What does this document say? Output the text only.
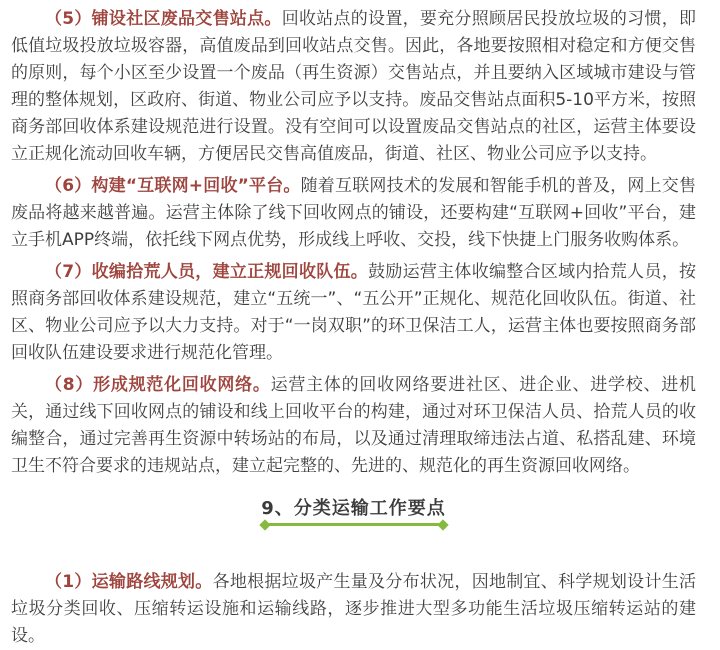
（5）铺设社区废品交售站点。回收站点的设置，要充分照顾居民投放垃圾的习惯，即低值垃圾投放垃圾容器，高值废品到回收站点交售。因此，各地要按照相对稳定和方便交售的原则，每个小区至少设置一个废品（再生资源）交售站点，并且要纳入区域城市建设与管理的整体规划，区政府、街道、物业公司应予以支持。废品交售站点面积5-10平方米，按照商务部回收体系建设规范进行设置。没有空间可以设置废品交售站点的社区，运营主体要设立正规化流动回收车辆，方便居民交售高值废品，街道、社区、物业公司应予以支持。

（6）构建“互联网+回收”平台。随着互联网技术的发展和智能手机的普及，网上交售废品将越来越普遍。运营主体除了线下回收网点的铺设，还要构建“互联网+回收”平台，建立手机APP终端，依托线下网点优势，形成线上呼收、交投，线下快捷上门服务收购体系。

（7）收编拾荒人员，建立正规回收队伍。鼓励运营主体收编整合区域内拾荒人员，按照商务部回收体系建设规范，建立“五统一”、“五公开”正规化、规范化回收队伍。街道、社区、物业公司应予以大力支持。对于“一岗双职”的环卫保洁工人，运营主体也要按照商务部回收队伍建设要求进行规范化管理。

（8）形成规范化回收网络。运营主体的回收网络要进社区、进企业、进学校、进机关，通过线下回收网点的铺设和线上回收平台的构建，通过对环卫保洁人员、拾荒人员的收编整合，通过完善再生资源中转场站的布局，以及通过清理取缔违法占道、私搭乱建、环境卫生不符合要求的违规站点，建立起完整的、先进的、规范化的再生资源回收网络。

9、分类运输工作要点

（1）运输路线规划。各地根据垃圾产生量及分布状况，因地制宜、科学规划设计生活垃圾分类回收、压缩转运设施和运输线路，逐步推进大型多功能生活垃圾压缩转运站的建设。
